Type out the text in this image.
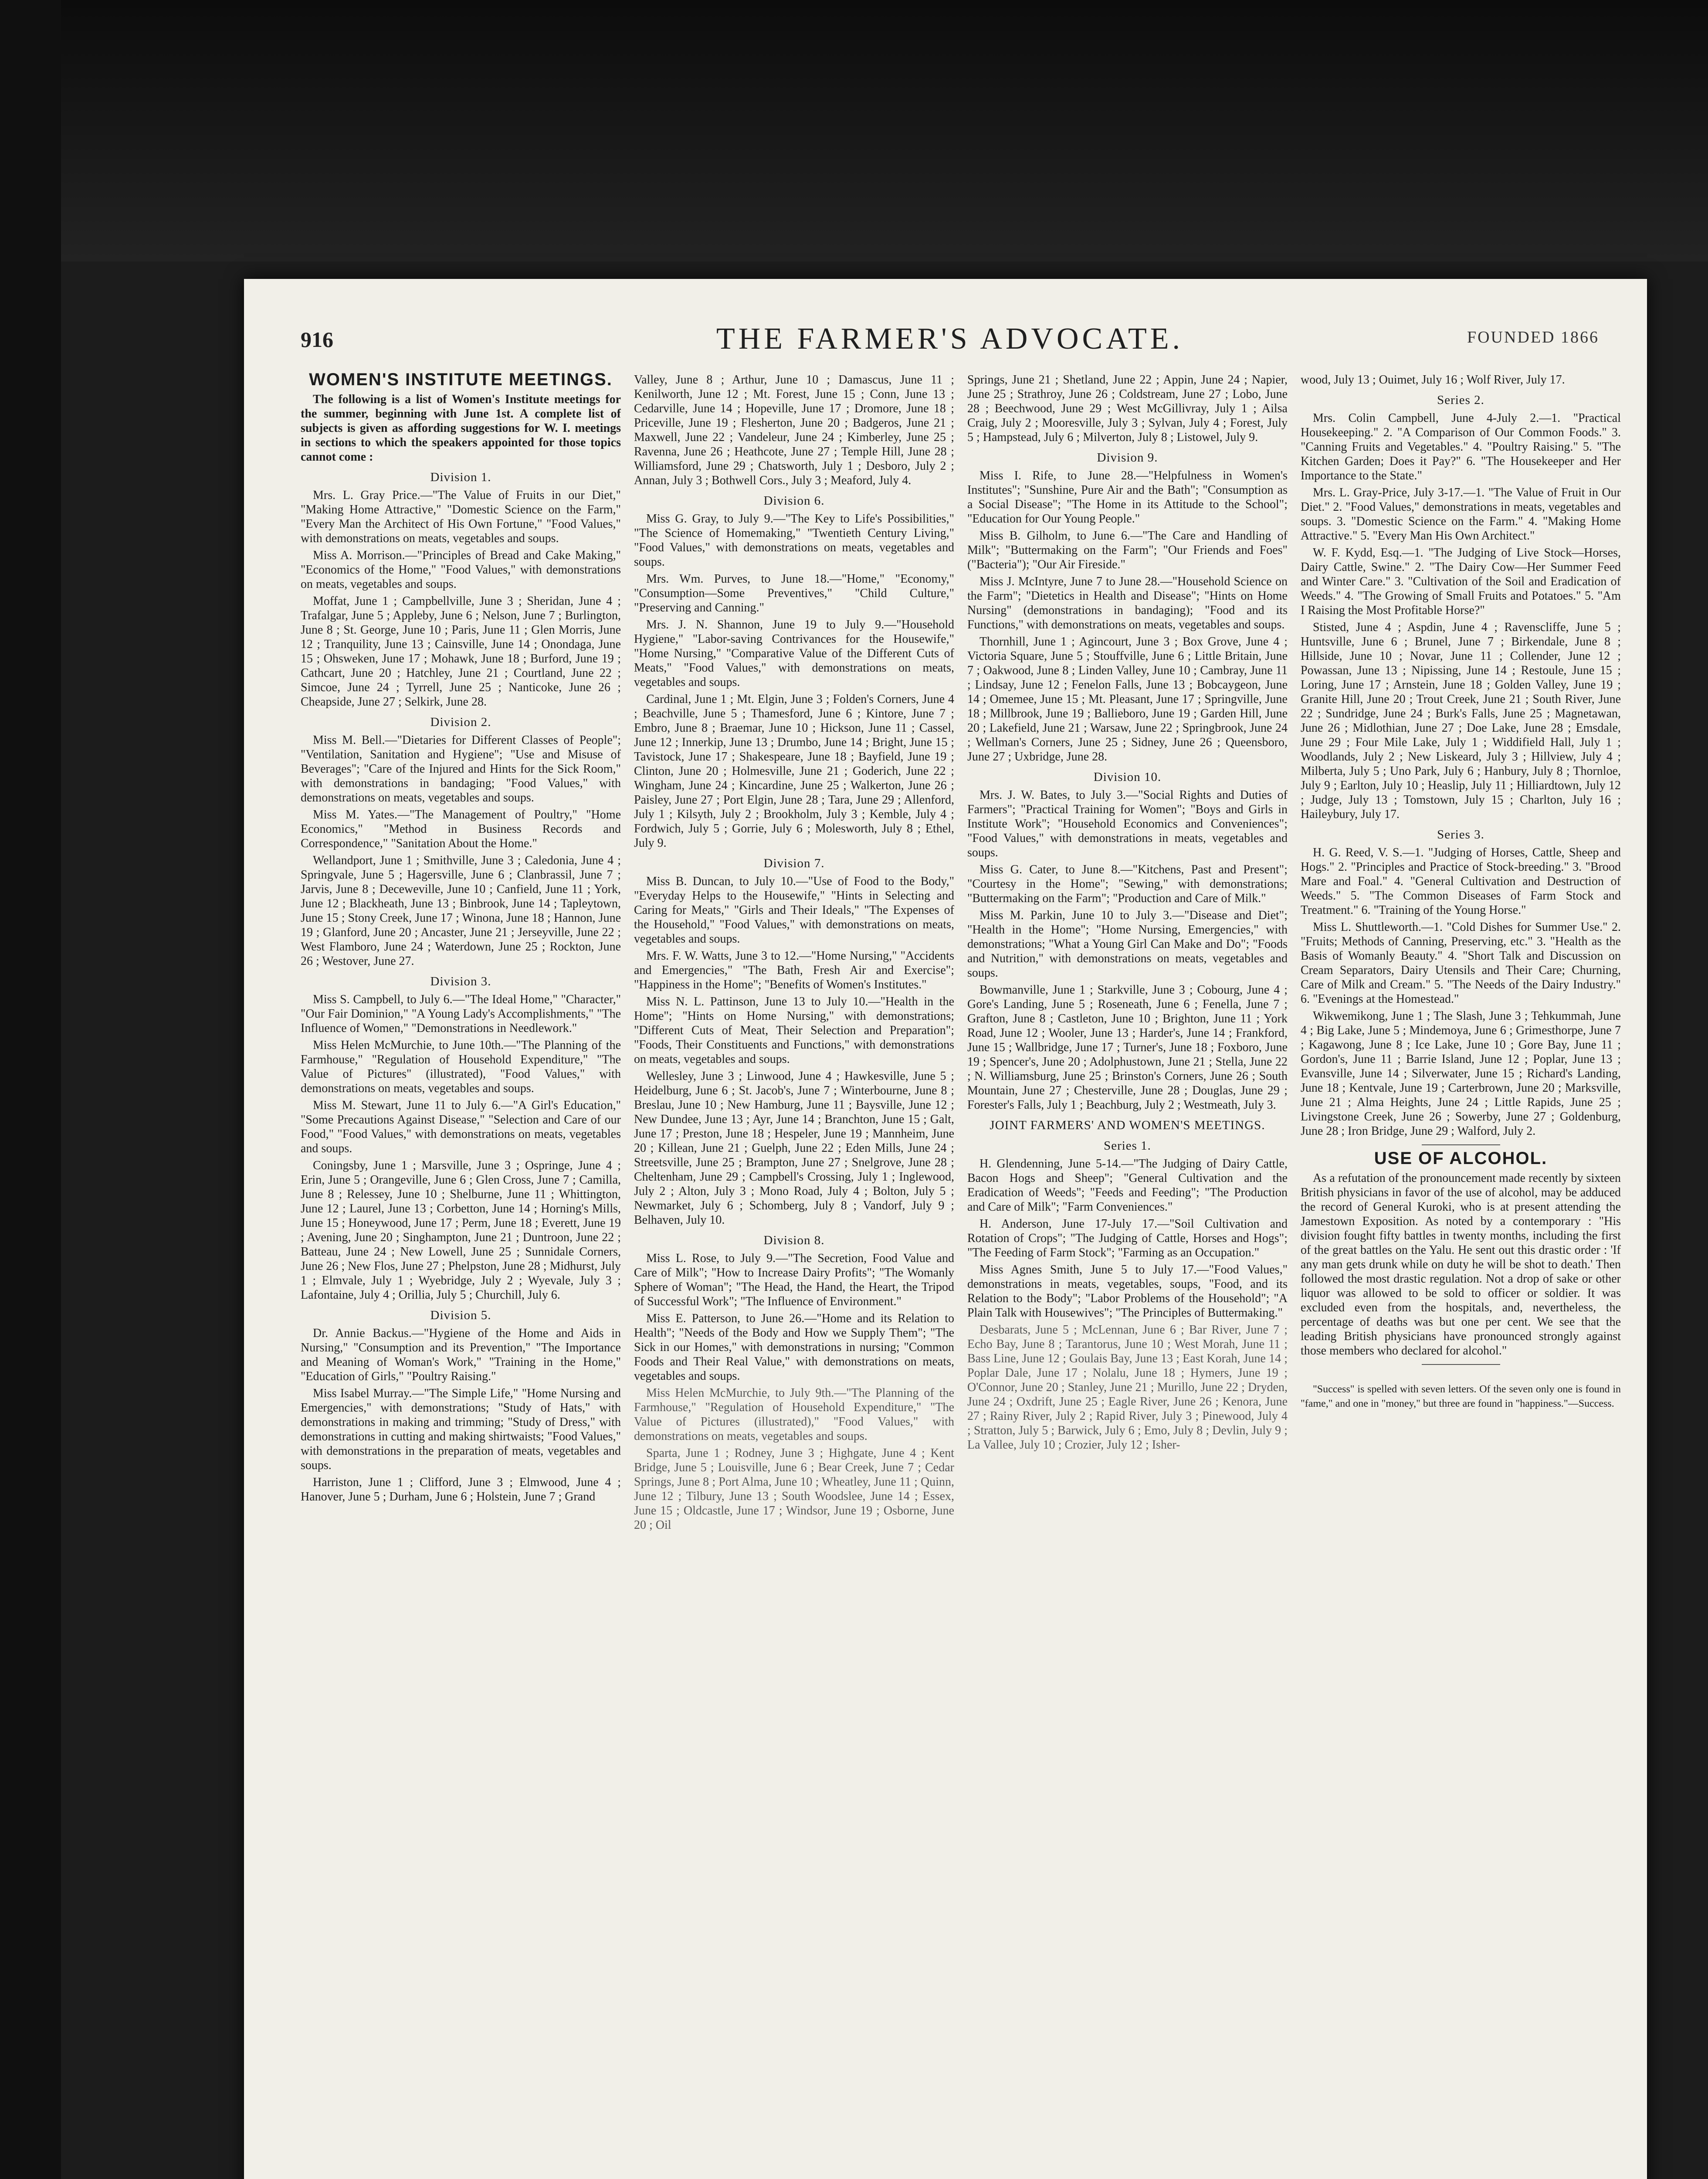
916	THE FARMER'S ADVOCATE.	FOUNDED 1866
WOMEN'S INSTITUTE MEETINGS.

The following is a list of Women's Institute meetings for the summer, beginning with June 1st. A complete list of subjects is given as affording suggestions for W. I. meetings in sections to which the speakers appointed for those topics cannot come :

Division 1.

Mrs. L. Gray Price.—"The Value of Fruits in our Diet," "Making Home Attractive," "Domestic Science on the Farm," "Every Man the Architect of His Own Fortune," "Food Values," with demonstrations on meats, vegetables and soups.

Miss A. Morrison.—"Principles of Bread and Cake Making," "Economics of the Home," "Food Values," with demonstrations on meats, vegetables and soups.

Moffat, June 1 ; Campbellville, June 3 ; Sheridan, June 4 ; Trafalgar, June 5 ; Appleby, June 6 ; Nelson, June 7 ; Burlington, June 8 ; St. George, June 10 ; Paris, June 11 ; Glen Morris, June 12 ; Tranquility, June 13 ; Cainsville, June 14 ; Onondaga, June 15 ; Ohsweken, June 17 ; Mohawk, June 18 ; Burford, June 19 ; Cathcart, June 20 ; Hatchley, June 21 ; Courtland, June 22 ; Simcoe, June 24 ; Tyrrell, June 25 ; Nanticoke, June 26 ; Cheapside, June 27 ; Selkirk, June 28.

Division 2.

Miss M. Bell.—"Dietaries for Different Classes of People"; "Ventilation, Sanitation and Hygiene"; "Use and Misuse of Beverages"; "Care of the Injured and Hints for the Sick Room," with demonstrations in bandaging; "Food Values," with demonstrations on meats, vegetables and soups.

Miss M. Yates.—"The Management of Poultry," "Home Economics," "Method in Business Records and Correspondence," "Sanitation About the Home."

Wellandport, June 1 ; Smithville, June 3 ; Caledonia, June 4 ; Springvale, June 5 ; Hagersville, June 6 ; Clanbrassil, June 7 ; Jarvis, June 8 ; Deceweville, June 10 ; Canfield, June 11 ; York, June 12 ; Blackheath, June 13 ; Binbrook, June 14 ; Tapleytown, June 15 ; Stony Creek, June 17 ; Winona, June 18 ; Hannon, June 19 ; Glanford, June 20 ; Ancaster, June 21 ; Jerseyville, June 22 ; West Flamboro, June 24 ; Waterdown, June 25 ; Rockton, June 26 ; Westover, June 27.

Division 3.

Miss S. Campbell, to July 6.—"The Ideal Home," "Character," "Our Fair Dominion," "A Young Lady's Accomplishments," "The Influence of Women," "Demonstrations in Needlework."

Miss Helen McMurchie, to June 10th.—"The Planning of the Farmhouse," "Regulation of Household Expenditure," "The Value of Pictures" (illustrated), "Food Values," with demonstrations on meats, vegetables and soups.

Miss M. Stewart, June 11 to July 6.—"A Girl's Education," "Some Precautions Against Disease," "Selection and Care of our Food," "Food Values," with demonstrations on meats, vegetables and soups.

Coningsby, June 1 ; Marsville, June 3 ; Ospringe, June 4 ; Erin, June 5 ; Orangeville, June 6 ; Glen Cross, June 7 ; Camilla, June 8 ; Relessey, June 10 ; Shelburne, June 11 ; Whittington, June 12 ; Laurel, June 13 ; Corbetton, June 14 ; Horning's Mills, June 15 ; Honeywood, June 17 ; Perm, June 18 ; Everett, June 19 ; Avening, June 20 ; Singhampton, June 21 ; Duntroon, June 22 ; Batteau, June 24 ; New Lowell, June 25 ; Sunnidale Corners, June 26 ; New Flos, June 27 ; Phelpston, June 28 ; Midhurst, July 1 ; Elmvale, July 1 ; Wyebridge, July 2 ; Wyevale, July 3 ; Lafontaine, July 4 ; Orillia, July 5 ; Churchill, July 6.

Division 5.

Dr. Annie Backus.—"Hygiene of the Home and Aids in Nursing," "Consumption and its Prevention," "The Importance and Meaning of Woman's Work," "Training in the Home," "Education of Girls," "Poultry Raising."

Miss Isabel Murray.—"The Simple Life," "Home Nursing and Emergencies," with demonstrations; "Study of Hats," with demonstrations in making and trimming; "Study of Dress," with demonstrations in cutting and making shirtwaists; "Food Values," with demonstrations in the preparation of meats, vegetables and soups.

Harriston, June 1 ; Clifford, June 3 ; Elmwood, June 4 ; Hanover, June 5 ; Durham, June 6 ; Holstein, June 7 ; Grand

Valley, June 8 ; Arthur, June 10 ; Damascus, June 11 ; Kenilworth, June 12 ; Mt. Forest, June 15 ; Conn, June 13 ; Cedarville, June 14 ; Hopeville, June 17 ; Dromore, June 18 ; Priceville, June 19 ; Flesherton, June 20 ; Badgeros, June 21 ; Maxwell, June 22 ; Vandeleur, June 24 ; Kimberley, June 25 ; Ravenna, June 26 ; Heathcote, June 27 ; Temple Hill, June 28 ; Williamsford, June 29 ; Chatsworth, July 1 ; Desboro, July 2 ; Annan, July 3 ; Bothwell Cors., July 3 ; Meaford, July 4.

Division 6.

Miss G. Gray, to July 9.—"The Key to Life's Possibilities," "The Science of Homemaking," "Twentieth Century Living," "Food Values," with demonstrations on meats, vegetables and soups.

Mrs. Wm. Purves, to June 18.—"Home," "Economy," "Consumption—Some Preventives," "Child Culture," "Preserving and Canning."

Mrs. J. N. Shannon, June 19 to July 9.—"Household Hygiene," "Labor-saving Contrivances for the Housewife," "Home Nursing," "Comparative Value of the Different Cuts of Meats," "Food Values," with demonstrations on meats, vegetables and soups.

Cardinal, June 1 ; Mt. Elgin, June 3 ; Folden's Corners, June 4 ; Beachville, June 5 ; Thamesford, June 6 ; Kintore, June 7 ; Embro, June 8 ; Braemar, June 10 ; Hickson, June 11 ; Cassel, June 12 ; Innerkip, June 13 ; Drumbo, June 14 ; Bright, June 15 ; Tavistock, June 17 ; Shakespeare, June 18 ; Bayfield, June 19 ; Clinton, June 20 ; Holmesville, June 21 ; Goderich, June 22 ; Wingham, June 24 ; Kincardine, June 25 ; Walkerton, June 26 ; Paisley, June 27 ; Port Elgin, June 28 ; Tara, June 29 ; Allenford, July 1 ; Kilsyth, July 2 ; Brookholm, July 3 ; Kemble, July 4 ; Fordwich, July 5 ; Gorrie, July 6 ; Molesworth, July 8 ; Ethel, July 9.

Division 7.

Miss B. Duncan, to July 10.—"Use of Food to the Body," "Everyday Helps to the Housewife," "Hints in Selecting and Caring for Meats," "Girls and Their Ideals," "The Expenses of the Household," "Food Values," with demonstrations on meats, vegetables and soups.

Mrs. F. W. Watts, June 3 to 12.—"Home Nursing," "Accidents and Emergencies," "The Bath, Fresh Air and Exercise"; "Happiness in the Home"; "Benefits of Women's Institutes."

Miss N. L. Pattinson, June 13 to July 10.—"Health in the Home"; "Hints on Home Nursing," with demonstrations; "Different Cuts of Meat, Their Selection and Preparation"; "Foods, Their Constituents and Functions," with demonstrations on meats, vegetables and soups.

Wellesley, June 3 ; Linwood, June 4 ; Hawkesville, June 5 ; Heidelburg, June 6 ; St. Jacob's, June 7 ; Winterbourne, June 8 ; Breslau, June 10 ; New Hamburg, June 11 ; Baysville, June 12 ; New Dundee, June 13 ; Ayr, June 14 ; Branchton, June 15 ; Galt, June 17 ; Preston, June 18 ; Hespeler, June 19 ; Mannheim, June 20 ; Killean, June 21 ; Guelph, June 22 ; Eden Mills, June 24 ; Streetsville, June 25 ; Brampton, June 27 ; Snelgrove, June 28 ; Cheltenham, June 29 ; Campbell's Crossing, July 1 ; Inglewood, July 2 ; Alton, July 3 ; Mono Road, July 4 ; Bolton, July 5 ; Newmarket, July 6 ; Schomberg, July 8 ; Vandorf, July 9 ; Belhaven, July 10.

Division 8.

Miss L. Rose, to July 9.—"The Secretion, Food Value and Care of Milk"; "How to Increase Dairy Profits"; "The Womanly Sphere of Woman"; "The Head, the Hand, the Heart, the Tripod of Successful Work"; "The Influence of Environment."

Miss E. Patterson, to June 26.—"Home and its Relation to Health"; "Needs of the Body and How we Supply Them"; "The Sick in our Homes," with demonstrations in nursing; "Common Foods and Their Real Value," with demonstrations on meats, vegetables and soups.

Miss Helen McMurchie, to July 9th.—"The Planning of the Farmhouse," "Regulation of Household Expenditure," "The Value of Pictures (illustrated)," "Food Values," with demonstrations on meats, vegetables and soups.

Sparta, June 1 ; Rodney, June 3 ; Highgate, June 4 ; Kent Bridge, June 5 ; Louisville, June 6 ; Bear Creek, June 7 ; Cedar Springs, June 8 ; Port Alma, June 10 ; Wheatley, June 11 ; Quinn, June 12 ; Tilbury, June 13 ; South Woodslee, June 14 ; Essex, June 15 ; Oldcastle, June 17 ; Windsor, June 19 ; Osborne, June 20 ; Oil

Springs, June 21 ; Shetland, June 22 ; Appin, June 24 ; Napier, June 25 ; Strathroy, June 26 ; Coldstream, June 27 ; Lobo, June 28 ; Beechwood, June 29 ; West McGillivray, July 1 ; Ailsa Craig, July 2 ; Mooresville, July 3 ; Sylvan, July 4 ; Forest, July 5 ; Hampstead, July 6 ; Milverton, July 8 ; Listowel, July 9.

Division 9.

Miss I. Rife, to June 28.—"Helpfulness in Women's Institutes"; "Sunshine, Pure Air and the Bath"; "Consumption as a Social Disease"; "The Home in its Attitude to the School"; "Education for Our Young People."

Miss B. Gilholm, to June 6.—"The Care and Handling of Milk"; "Buttermaking on the Farm"; "Our Friends and Foes" ("Bacteria"); "Our Air Fireside."

Miss J. McIntyre, June 7 to June 28.—"Household Science on the Farm"; "Dietetics in Health and Disease"; "Hints on Home Nursing" (demonstrations in bandaging); "Food and its Functions," with demonstrations on meats, vegetables and soups.

Thornhill, June 1 ; Agincourt, June 3 ; Box Grove, June 4 ; Victoria Square, June 5 ; Stouffville, June 6 ; Little Britain, June 7 ; Oakwood, June 8 ; Linden Valley, June 10 ; Cambray, June 11 ; Lindsay, June 12 ; Fenelon Falls, June 13 ; Bobcaygeon, June 14 ; Omemee, June 15 ; Mt. Pleasant, June 17 ; Springville, June 18 ; Millbrook, June 19 ; Ballieboro, June 19 ; Garden Hill, June 20 ; Lakefield, June 21 ; Warsaw, June 22 ; Springbrook, June 24 ; Wellman's Corners, June 25 ; Sidney, June 26 ; Queensboro, June 27 ; Uxbridge, June 28.

Division 10.

Mrs. J. W. Bates, to July 3.—"Social Rights and Duties of Farmers"; "Practical Training for Women"; "Boys and Girls in Institute Work"; "Household Economics and Conveniences"; "Food Values," with demonstrations in meats, vegetables and soups.

Miss G. Cater, to June 8.—"Kitchens, Past and Present"; "Courtesy in the Home"; "Sewing," with demonstrations; "Buttermaking on the Farm"; "Production and Care of Milk."

Miss M. Parkin, June 10 to July 3.—"Disease and Diet"; "Health in the Home"; "Home Nursing, Emergencies," with demonstrations; "What a Young Girl Can Make and Do"; "Foods and Nutrition," with demonstrations on meats, vegetables and soups.

Bowmanville, June 1 ; Starkville, June 3 ; Cobourg, June 4 ; Gore's Landing, June 5 ; Roseneath, June 6 ; Fenella, June 7 ; Grafton, June 8 ; Castleton, June 10 ; Brighton, June 11 ; York Road, June 12 ; Wooler, June 13 ; Harder's, June 14 ; Frankford, June 15 ; Wallbridge, June 17 ; Turner's, June 18 ; Foxboro, June 19 ; Spencer's, June 20 ; Adolphustown, June 21 ; Stella, June 22 ; N. Williamsburg, June 25 ; Brinston's Corners, June 26 ; South Mountain, June 27 ; Chesterville, June 28 ; Douglas, June 29 ; Forester's Falls, July 1 ; Beachburg, July 2 ; Westmeath, July 3.

JOINT FARMERS' AND WOMEN'S MEETINGS.
Series 1.

H. Glendenning, June 5-14.—"The Judging of Dairy Cattle, Bacon Hogs and Sheep"; "General Cultivation and the Eradication of Weeds"; "Feeds and Feeding"; "The Production and Care of Milk"; "Farm Conveniences."

H. Anderson, June 17-July 17.—"Soil Cultivation and Rotation of Crops"; "The Judging of Cattle, Horses and Hogs"; "The Feeding of Farm Stock"; "Farming as an Occupation."

Miss Agnes Smith, June 5 to July 17.—"Food Values," demonstrations in meats, vegetables, soups, "Food, and its Relation to the Body"; "Labor Problems of the Household"; "A Plain Talk with Housewives"; "The Principles of Buttermaking."

Desbarats, June 5 ; McLennan, June 6 ; Bar River, June 7 ; Echo Bay, June 8 ; Tarantorus, June 10 ; West Morah, June 11 ; Bass Line, June 12 ; Goulais Bay, June 13 ; East Korah, June 14 ; Poplar Dale, June 17 ; Nolalu, June 18 ; Hymers, June 19 ; O'Connor, June 20 ; Stanley, June 21 ; Murillo, June 22 ; Dryden, June 24 ; Oxdrift, June 25 ; Eagle River, June 26 ; Kenora, June 27 ; Rainy River, July 2 ; Rapid River, July 3 ; Pinewood, July 4 ; Stratton, July 5 ; Barwick, July 6 ; Emo, July 8 ; Devlin, July 9 ; La Vallee, July 10 ; Crozier, July 12 ; Isher-

wood, July 13 ; Ouimet, July 16 ; Wolf River, July 17.

Series 2.

Mrs. Colin Campbell, June 4-July 2.—1. "Practical Housekeeping." 2. "A Comparison of Our Common Foods." 3. "Canning Fruits and Vegetables." 4. "Poultry Raising." 5. "The Kitchen Garden; Does it Pay?" 6. "The Housekeeper and Her Importance to the State."

Mrs. L. Gray-Price, July 3-17.—1. "The Value of Fruit in Our Diet." 2. "Food Values," demonstrations in meats, vegetables and soups. 3. "Domestic Science on the Farm." 4. "Making Home Attractive." 5. "Every Man His Own Architect."

W. F. Kydd, Esq.—1. "The Judging of Live Stock—Horses, Dairy Cattle, Swine." 2. "The Dairy Cow—Her Summer Feed and Winter Care." 3. "Cultivation of the Soil and Eradication of Weeds." 4. "The Growing of Small Fruits and Potatoes." 5. "Am I Raising the Most Profitable Horse?"

Stisted, June 4 ; Aspdin, June 4 ; Ravenscliffe, June 5 ; Huntsville, June 6 ; Brunel, June 7 ; Birkendale, June 8 ; Hillside, June 10 ; Novar, June 11 ; Collender, June 12 ; Powassan, June 13 ; Nipissing, June 14 ; Restoule, June 15 ; Loring, June 17 ; Arnstein, June 18 ; Golden Valley, June 19 ; Granite Hill, June 20 ; Trout Creek, June 21 ; South River, June 22 ; Sundridge, June 24 ; Burk's Falls, June 25 ; Magnetawan, June 26 ; Midlothian, June 27 ; Doe Lake, June 28 ; Emsdale, June 29 ; Four Mile Lake, July 1 ; Widdifield Hall, July 1 ; Woodlands, July 2 ; New Liskeard, July 3 ; Hillview, July 4 ; Milberta, July 5 ; Uno Park, July 6 ; Hanbury, July 8 ; Thornloe, July 9 ; Earlton, July 10 ; Heaslip, July 11 ; Hilliardtown, July 12 ; Judge, July 13 ; Tomstown, July 15 ; Charlton, July 16 ; Haileybury, July 17.

Series 3.

H. G. Reed, V. S.—1. "Judging of Horses, Cattle, Sheep and Hogs." 2. "Principles and Practice of Stock-breeding." 3. "Brood Mare and Foal." 4. "General Cultivation and Destruction of Weeds." 5. "The Common Diseases of Farm Stock and Treatment." 6. "Training of the Young Horse."

Miss L. Shuttleworth.—1. "Cold Dishes for Summer Use." 2. "Fruits; Methods of Canning, Preserving, etc." 3. "Health as the Basis of Womanly Beauty." 4. "Short Talk and Discussion on Cream Separators, Dairy Utensils and Their Care; Churning, Care of Milk and Cream." 5. "The Needs of the Dairy Industry." 6. "Evenings at the Homestead."

Wikwemikong, June 1 ; The Slash, June 3 ; Tehkummah, June 4 ; Big Lake, June 5 ; Mindemoya, June 6 ; Grimesthorpe, June 7 ; Kagawong, June 8 ; Ice Lake, June 10 ; Gore Bay, June 11 ; Gordon's, June 11 ; Barrie Island, June 12 ; Poplar, June 13 ; Evansville, June 14 ; Silverwater, June 15 ; Richard's Landing, June 18 ; Kentvale, June 19 ; Carterbrown, June 20 ; Marksville, June 21 ; Alma Heights, June 24 ; Little Rapids, June 25 ; Livingstone Creek, June 26 ; Sowerby, June 27 ; Goldenburg, June 28 ; Iron Bridge, June 29 ; Walford, July 2.

USE OF ALCOHOL.

As a refutation of the pronouncement made recently by sixteen British physicians in favor of the use of alcohol, may be adduced the record of General Kuroki, who is at present attending the Jamestown Exposition. As noted by a contemporary : "His division fought fifty battles in twenty months, including the first of the great battles on the Yalu. He sent out this drastic order : 'If any man gets drunk while on duty he will be shot to death.' Then followed the most drastic regulation. Not a drop of sake or other liquor was allowed to be sold to officer or soldier. It was excluded even from the hospitals, and, nevertheless, the percentage of deaths was but one per cent. We see that the leading British physicians have pronounced strongly against those members who declared for alcohol."

"Success" is spelled with seven letters. Of the seven only one is found in "fame," and one in "money," but three are found in "happiness."—Success.
